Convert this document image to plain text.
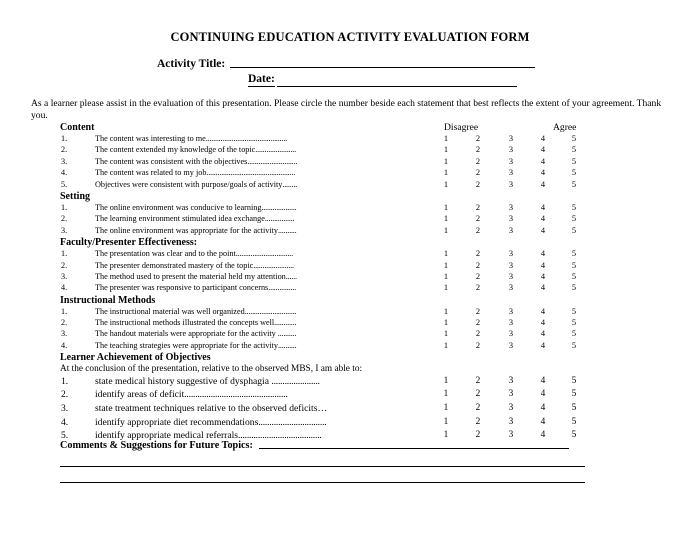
CONTINUING EDUCATION ACTIVITY EVALUATION FORM
Activity Title:
Date:
As a learner please assist in the evaluation of this presentation. Please circle the number beside each statement that best reflects the extent of your agreement. Thank you.
Content	Disagree	Agree
1.	The content was interesting to me............................................	1	2	3	4	5
2.	The content extended my knowledge of the topic......................	1	2	3	4	5
3.	The content was consistent with the objectives...........................	1	2	3	4	5
4.	The content was related to my job................................................	1	2	3	4	5
5.	Objectives were consistent with purpose/goals of activity........	1	2	3	4	5
Setting
1.	The online environment was conducive to learning...................	1	2	3	4	5
2.	The learning environment stimulated idea exchange................	1	2	3	4	5
3.	The online environment was appropriate for the activity..........	1	2	3	4	5
Faculty/Presenter Effectiveness:
1.	The presentation was clear and to the point...............................	1	2	3	4	5
2.	The presenter demonstrated mastery of the topic......................	1	2	3	4	5
3.	The method used to present the material held my attention......	1	2	3	4	5
4.	The presenter was responsive to participant concerns...............	1	2	3	4	5
Instructional Methods
1.	The instructional material was well organized............................	1	2	3	4	5
2.	The instructional methods illustrated the concepts well............	1	2	3	4	5
3.	The handout materials were appropriate for the activity ..........	1	2	3	4	5
4.	The teaching strategies were appropriate for the activity..........	1	2	3	4	5
Learner Achievement of Objectives
At the conclusion of the presentation, relative to the observed MBS, I am able to:
1.	state medical history suggestive of dysphagia ......................	1	2	3	4	5
2.	identify areas of deficit...............................................	1	2	3	4	5
3.	state treatment techniques relative to the observed deficits…	1	2	3	4	5
4.	identify appropriate diet recommendations...............................	1	2	3	4	5
5.	identify appropriate medical referrals......................................	1	2	3	4	5
Comments & Suggestions for Future Topics:
